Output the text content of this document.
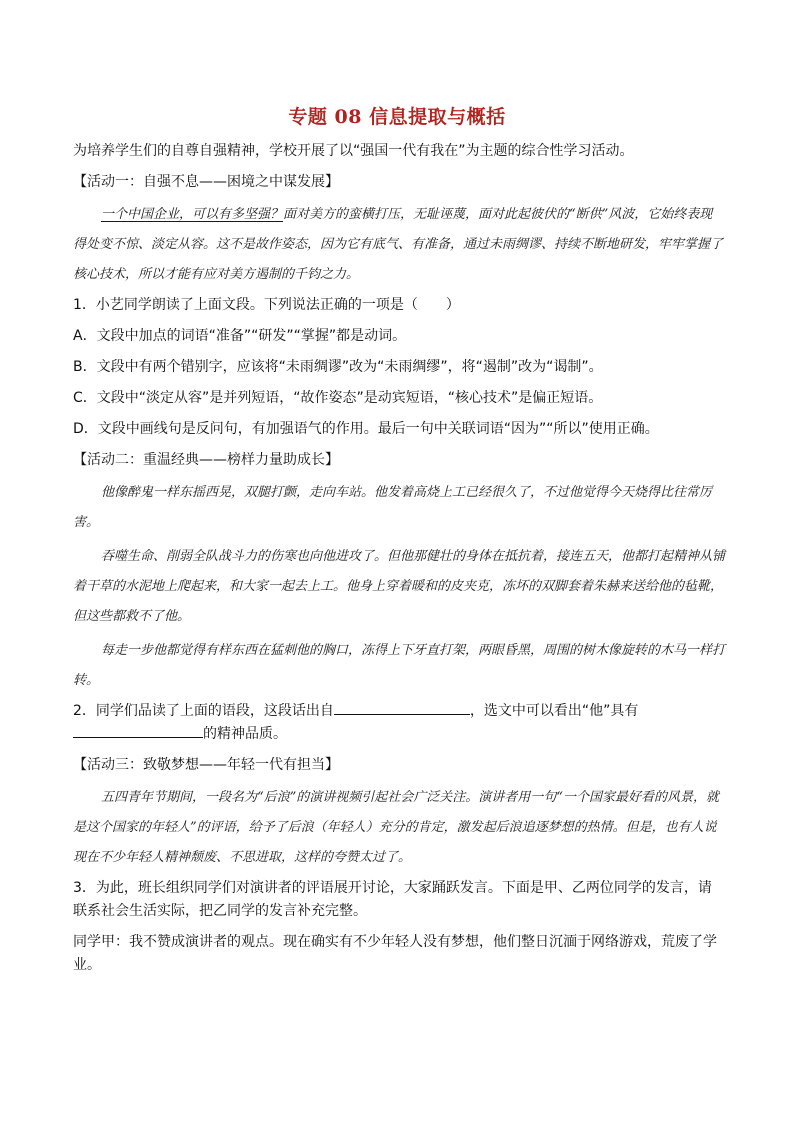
专题 08 信息提取与概括

为培养学生们的自尊自强精神，学校开展了以“强国一代有我在”为主题的综合性学习活动。

【活动一：自强不息——困境之中谋发展】

一个中国企业，可以有多坚强？面对美方的蛮横打压，无耻诬蔑，面对此起彼伏的“断供”风波，它始终表现得处变不惊、淡定从容。这不是故作姿态，因为它有底气、有准备，通过未雨绸谬、持续不断地研发，牢牢掌握了核心技术，所以才能有应对美方遏制的千钧之力。

1．小艺同学朗读了上面文段。下列说法正确的一项是（　　）

A．文段中加点的词语“准备”“研发”“掌握”都是动词。

B．文段中有两个错别字，应该将“未雨绸谬”改为“未雨绸缪”，将“遏制”改为“谒制”。

C．文段中“淡定从容”是并列短语，“故作姿态”是动宾短语，“核心技术”是偏正短语。

D．文段中画线句是反问句，有加强语气的作用。最后一句中关联词语“因为”“所以”使用正确。

【活动二：重温经典——榜样力量助成长】

他像醉鬼一样东摇西晃，双腿打颤，走向车站。他发着高烧上工已经很久了，不过他觉得今天烧得比往常厉害。

吞噬生命、削弱全队战斗力的伤寒也向他进攻了。但他那健壮的身体在抵抗着，接连五天，他都打起精神从铺着干草的水泥地上爬起来，和大家一起去上工。他身上穿着暖和的皮夹克，冻坏的双脚套着朱赫来送给他的毡靴，但这些都救不了他。

每走一步他都觉得有样东西在猛刺他的胸口，冻得上下牙直打架，两眼昏黑，周围的树木像旋转的木马一样打转。

2．同学们品读了上面的语段，这段话出自	，选文中可以看出“他”具有
的精神品质。

【活动三：致敬梦想——年轻一代有担当】

五四青年节期间，一段名为“后浪”的演讲视频引起社会广泛关注。演讲者用一句“一个国家最好看的风景，就是这个国家的年轻人”的评语，给予了后浪（年轻人）充分的肯定，激发起后浪追逐梦想的热情。但是，也有人说现在不少年轻人精神颓废、不思进取，这样的夸赞太过了。

3．为此，班长组织同学们对演讲者的评语展开讨论，大家踊跃发言。下面是甲、乙两位同学的发言，请联系社会生活实际，把乙同学的发言补充完整。

同学甲：我不赞成演讲者的观点。现在确实有不少年轻人没有梦想，他们整日沉湎于网络游戏，荒废了学业。
